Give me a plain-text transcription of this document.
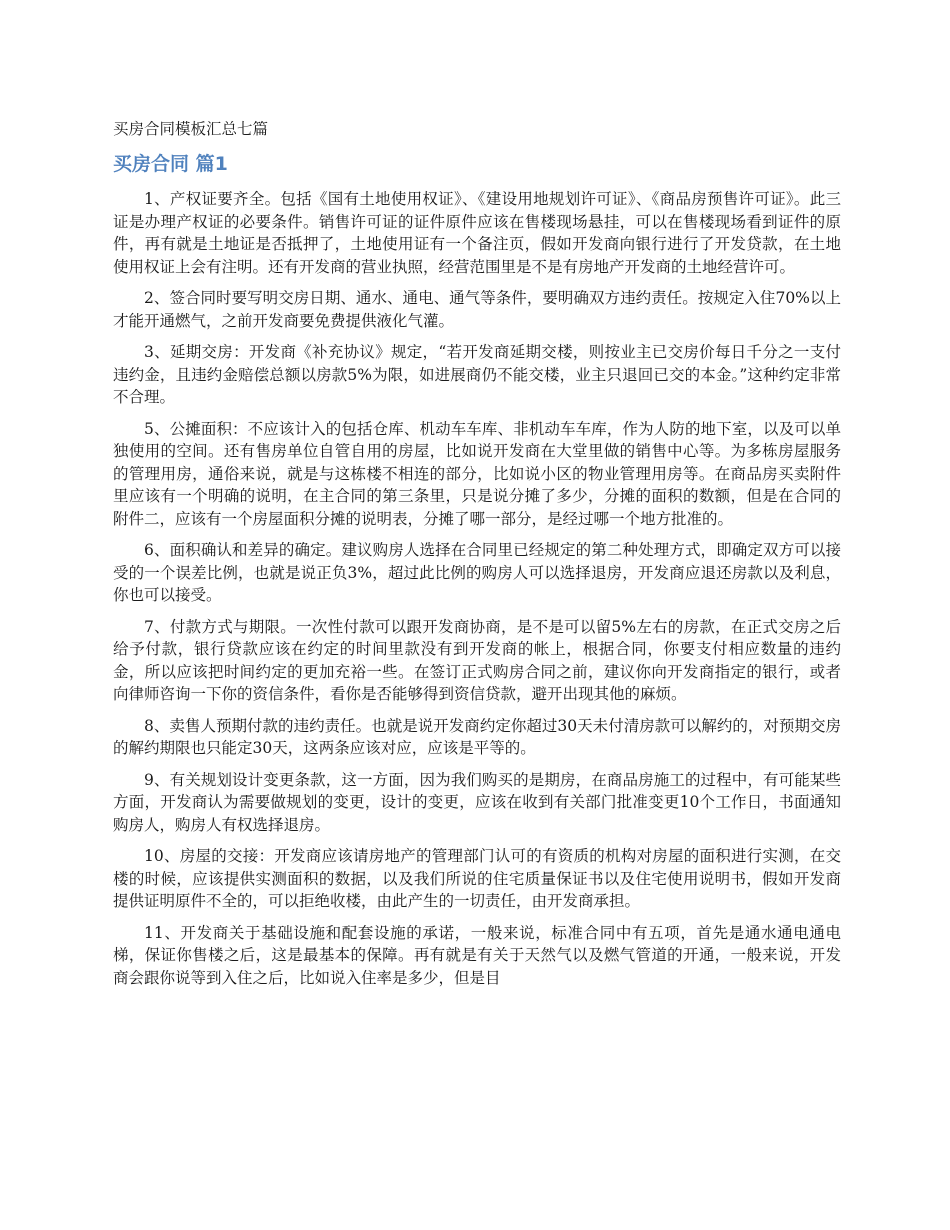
买房合同模板汇总七篇
买房合同 篇1

1、产权证要齐全。包括《国有土地使用权证》、《建设用地规划许可证》、《商品房预售许可证》。此三证是办理产权证的必要条件。销售许可证的证件原件应该在售楼现场悬挂，可以在售楼现场看到证件的原件，再有就是土地证是否抵押了，土地使用证有一个备注页，假如开发商向银行进行了开发贷款，在土地使用权证上会有注明。还有开发商的营业执照，经营范围里是不是有房地产开发商的土地经营许可。

2、签合同时要写明交房日期、通水、通电、通气等条件，要明确双方违约责任。按规定入住70%以上才能开通燃气，之前开发商要免费提供液化气灌。

3、延期交房：开发商《补充协议》规定，“若开发商延期交楼，则按业主已交房价每日千分之一支付违约金，且违约金赔偿总额以房款5%为限，如进展商仍不能交楼，业主只退回已交的本金。”这种约定非常不合理。

5、公摊面积：不应该计入的包括仓库、机动车车库、非机动车车库，作为人防的地下室，以及可以单独使用的空间。还有售房单位自管自用的房屋，比如说开发商在大堂里做的销售中心等。为多栋房屋服务的管理用房，通俗来说，就是与这栋楼不相连的部分，比如说小区的物业管理用房等。在商品房买卖附件里应该有一个明确的说明，在主合同的第三条里，只是说分摊了多少，分摊的面积的数额，但是在合同的附件二，应该有一个房屋面积分摊的说明表，分摊了哪一部分，是经过哪一个地方批准的。

6、面积确认和差异的确定。建议购房人选择在合同里已经规定的第二种处理方式，即确定双方可以接受的一个误差比例，也就是说正负3%，超过此比例的购房人可以选择退房，开发商应退还房款以及利息，你也可以接受。

7、付款方式与期限。一次性付款可以跟开发商协商，是不是可以留5%左右的房款，在正式交房之后给予付款，银行贷款应该在约定的时间里款没有到开发商的帐上，根据合同，你要支付相应数量的违约金，所以应该把时间约定的更加充裕一些。在签订正式购房合同之前，建议你向开发商指定的银行，或者向律师咨询一下你的资信条件，看你是否能够得到资信贷款，避开出现其他的麻烦。

8、卖售人预期付款的违约责任。也就是说开发商约定你超过30天未付清房款可以解约的，对预期交房的解约期限也只能定30天，这两条应该对应，应该是平等的。

9、有关规划设计变更条款，这一方面，因为我们购买的是期房，在商品房施工的过程中，有可能某些方面，开发商认为需要做规划的变更，设计的变更，应该在收到有关部门批准变更10个工作日，书面通知购房人，购房人有权选择退房。

10、房屋的交接：开发商应该请房地产的管理部门认可的有资质的机构对房屋的面积进行实测，在交楼的时候，应该提供实测面积的数据，以及我们所说的住宅质量保证书以及住宅使用说明书，假如开发商提供证明原件不全的，可以拒绝收楼，由此产生的一切责任，由开发商承担。

11、开发商关于基础设施和配套设施的承诺，一般来说，标准合同中有五项，首先是通水通电通电梯，保证你售楼之后，这是最基本的保障。再有就是有关于天然气以及燃气管道的开通，一般来说，开发商会跟你说等到入住之后，比如说入住率是多少，但是目
